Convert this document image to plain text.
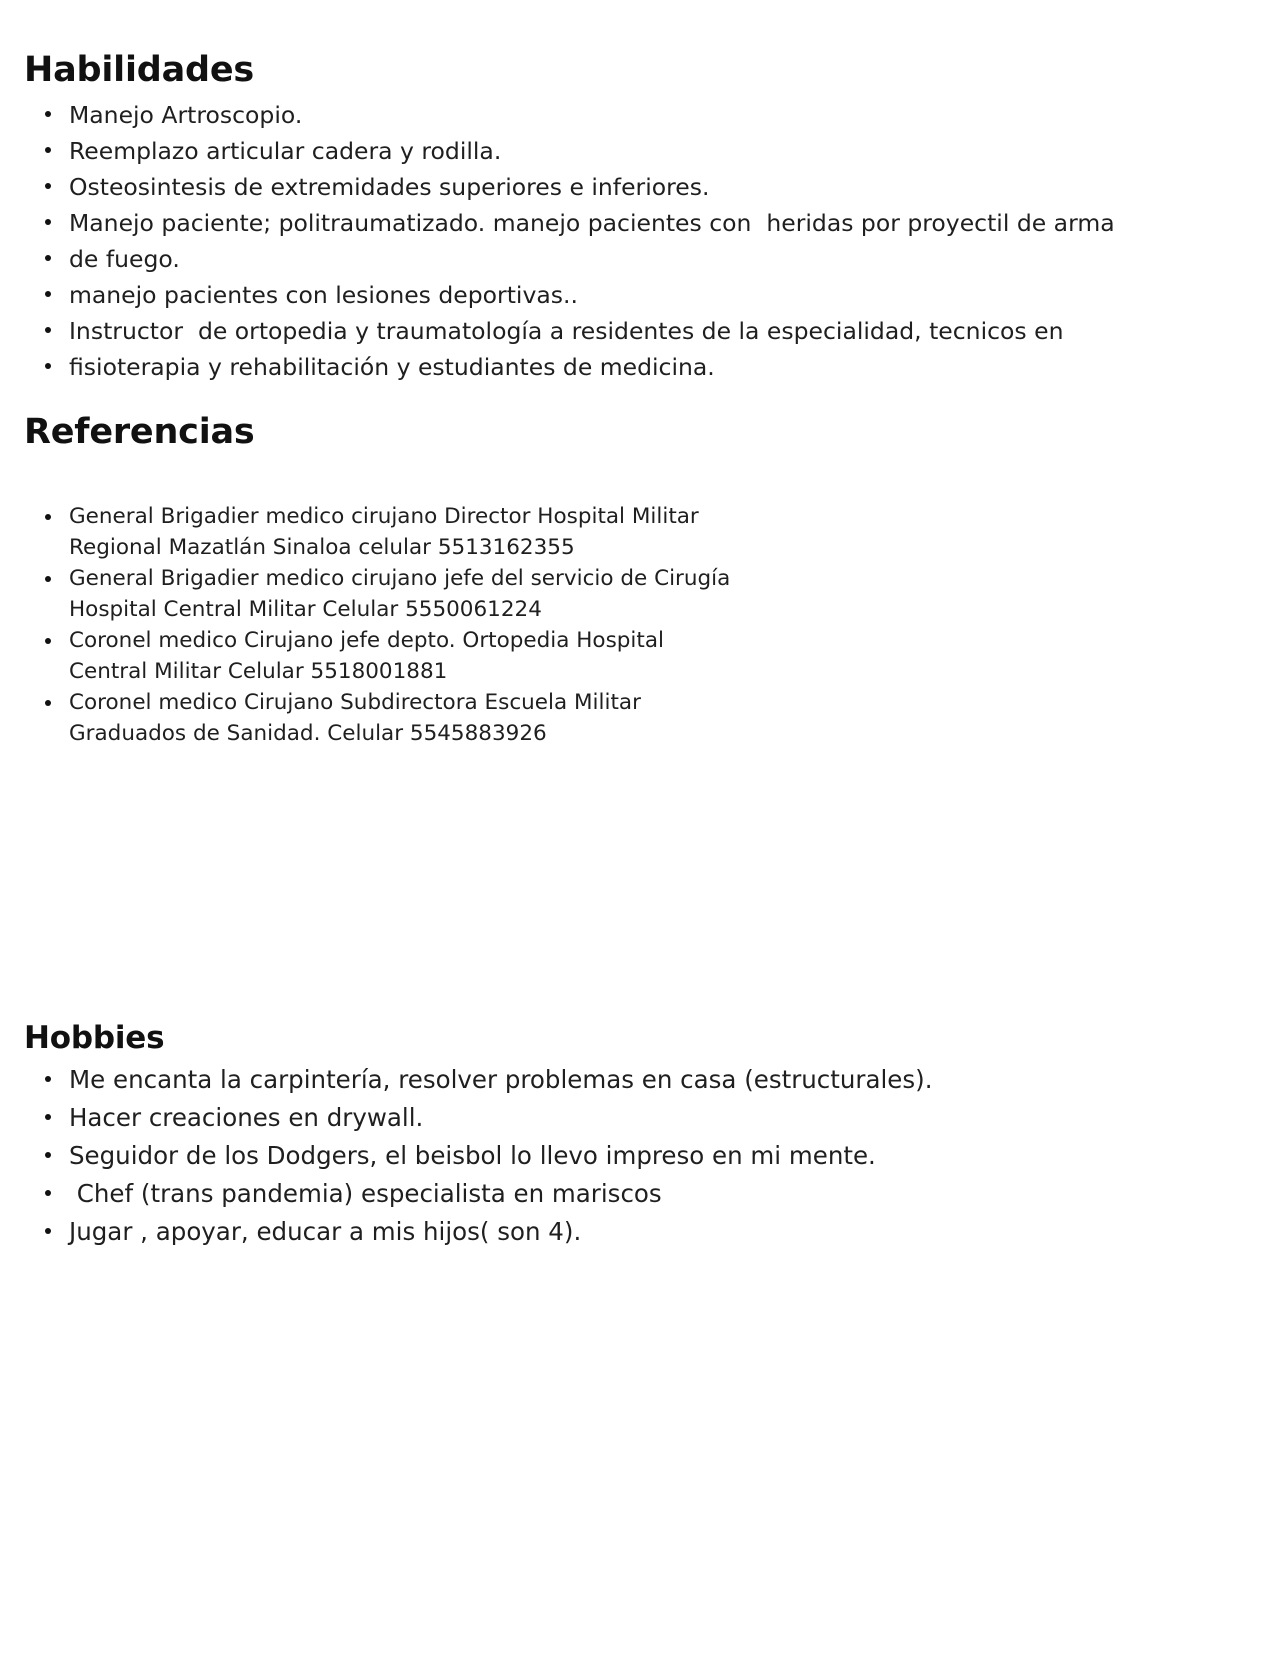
Habilidades
Manejo Artroscopio.
Reemplazo articular cadera y rodilla.
Osteosintesis de extremidades superiores e inferiores.
Manejo paciente; politraumatizado. manejo pacientes con  heridas por proyectil de arma
de fuego.
manejo pacientes con lesiones deportivas..
Instructor  de ortopedia y traumatología a residentes de la especialidad, tecnicos en
fisioterapia y rehabilitación y estudiantes de medicina.
Referencias
General Brigadier medico cirujano Director Hospital Militar
Regional Mazatlán Sinaloa celular 5513162355
General Brigadier medico cirujano jefe del servicio de Cirugía
Hospital Central Militar Celular 5550061224
Coronel medico Cirujano jefe depto. Ortopedia Hospital
Central Militar Celular 5518001881
Coronel medico Cirujano Subdirectora Escuela Militar
Graduados de Sanidad. Celular 5545883926
Hobbies
Me encanta la carpintería, resolver problemas en casa (estructurales).
Hacer creaciones en drywall.
Seguidor de los Dodgers, el beisbol lo llevo impreso en mi mente.
Chef (trans pandemia) especialista en mariscos
Jugar , apoyar, educar a mis hijos( son 4).
